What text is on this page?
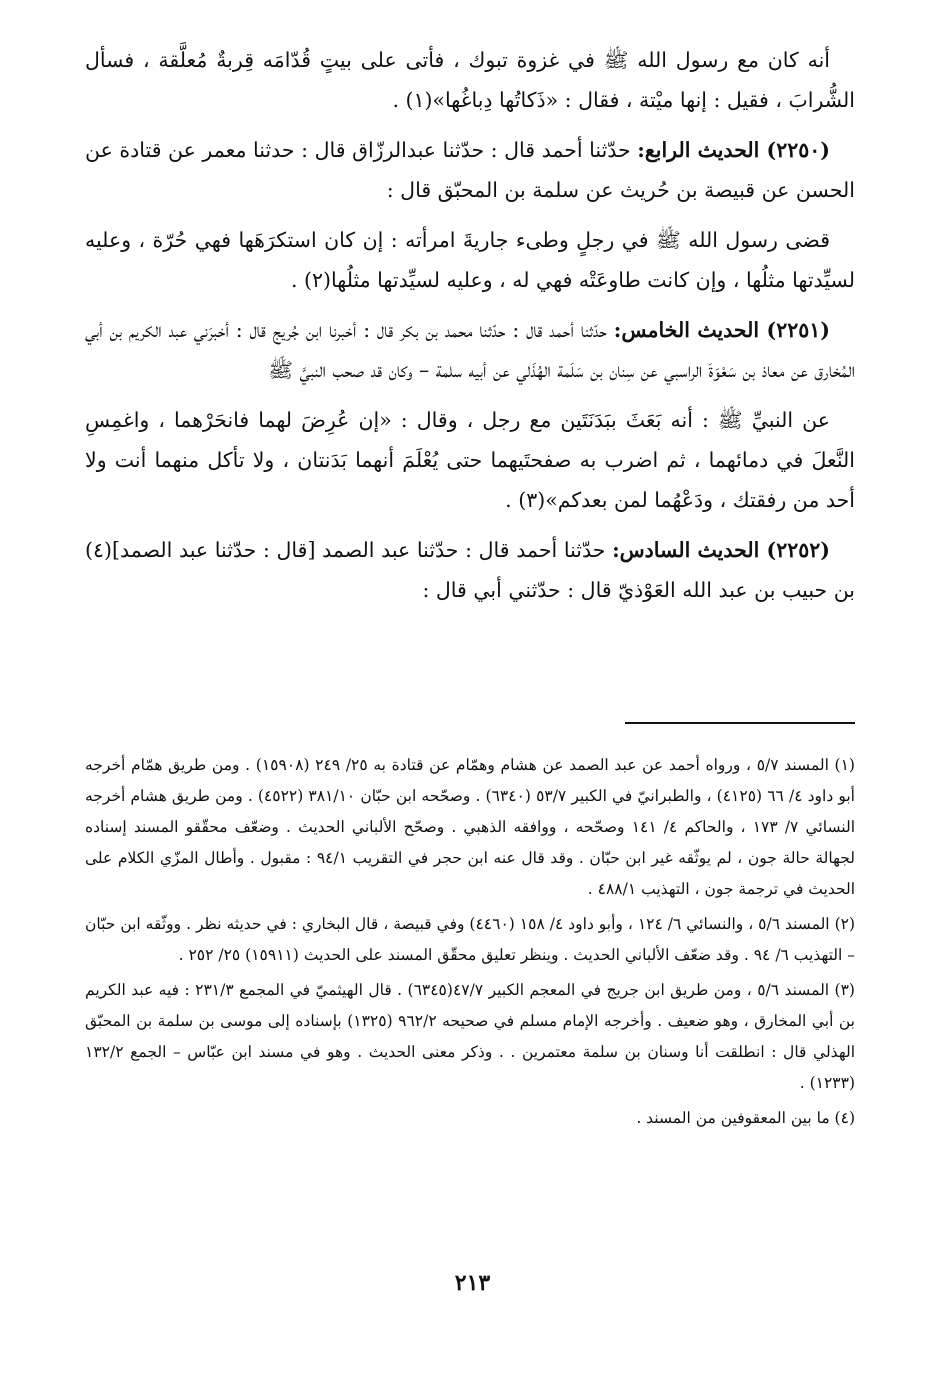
أنه كان مع رسول الله ﷺ في غزوة تبوك ، فأتى على بيتٍ قُدّامَه قِربةٌ مُعلَّقة ، فسأل الشُّرابَ ، فقيل : إنها ميْتة ، فقال : «ذَكاتُها دِباغُها»(١) .

(٢٢٥٠) الحديث الرابع: حدّثنا أحمد قال : حدّثنا عبدالرزّاق قال : حدثنا معمر عن قتادة عن الحسن عن قبيصة بن حُريث عن سلمة بن المحبّق قال :

قضى رسول الله ﷺ في رجلٍ وطىء جاريةَ امرأته : إن كان استكرَهَها فهي حُرّة ، وعليه لسيِّدتها مثلُها ، وإن كانت طاوعَتْه فهي له ، وعليه لسيِّدتها مثلُها(٢) .

(٢٢٥١) الحديث الخامس: حدّثنا أحمد قال : حدّثنا محمد بن بكر قال : أخبرنا ابن جُريج قال : أخبرَني عبد الكريم بن أبي المُخارق عن معاذ بن سَعْوَةَ الراسبي عن سِنان بن سَلَمة الهُذَلي عن أبيه سلمة – وكان قد صحب النبيَّ ﷺ

عن النبيِّ ﷺ : أنه بَعَثَ ببَدَنَتَين مع رجل ، وقال : «إن عُرِضَ لهما فانحَرْهما ، واغمِسِ النَّعلَ في دمائهما ، ثم اضرب به صفحتَيهما حتى يُعْلَمَ أنهما بَدَنتان ، ولا تأكل منهما أنت ولا أحد من رفقتك ، ودَعْهُما لمن بعدكم»(٣) .

(٢٢٥٢) الحديث السادس: حدّثنا أحمد قال : حدّثنا عبد الصمد [قال : حدّثنا عبد الصمد](٤) بن حبيب بن عبد الله العَوْذيّ قال : حدّثني أبي قال :

(١) المسند ٥/٧ ، ورواه أحمد عن عبد الصمد عن هشام وهمّام عن قتادة به ٢٥/ ٢٤٩ (١٥٩٠٨) . ومن طريق همّام أخرجه أبو داود ٤/ ٦٦ (٤١٢٥) ، والطبرانيّ في الكبير ٥٣/٧ (٦٣٤٠) . وصحّحه ابن حبّان ٣٨١/١٠ (٤٥٢٢) . ومن طريق هشام أخرجه النسائي ٧/ ١٧٣ ، والحاكم ٤/ ١٤١ وصحّحه ، ووافقه الذهبي . وصحّح الألباني الحديث . وضعّف محقّقو المسند إسناده لجهالة حالة جون ، لم يوثّقه غير ابن حبّان . وقد قال عنه ابن حجر في التقريب ٩٤/١ : مقبول . وأطال المزّي الكلام على الحديث في ترجمة جون ، التهذيب ٤٨٨/١ .

(٢) المسند ٥/٦ ، والنسائي ٦/ ١٢٤ ، وأبو داود ٤/ ١٥٨ (٤٤٦٠) وفي قبيصة ، قال البخاري : في حديثه نظر . ووثّقه ابن حبّان – التهذيب ٦/ ٩٤ . وقد ضعّف الألباني الحديث . وينظر تعليق محقّق المسند على الحديث (١٥٩١١) ٢٥/ ٢٥٢ .

(٣) المسند ٥/٦ ، ومن طريق ابن جريج في المعجم الكبير ٤٧/٧(٦٣٤٥) . قال الهيثميّ في المجمع ٢٣١/٣ : فيه عبد الكريم بن أبي المخارق ، وهو ضعيف . وأخرجه الإمام مسلم في صحيحه ٩٦٢/٢ (١٣٢٥) بإسناده إلى موسى بن سلمة بن المحبّق الهذلي قال : انطلقت أنا وسنان بن سلمة معتمرين . . وذكر معنى الحديث . وهو في مسند ابن عبّاس – الجمع ١٣٢/٢ (١٢٣٣) .

(٤) ما بين المعقوفين من المسند .

٢١٣
